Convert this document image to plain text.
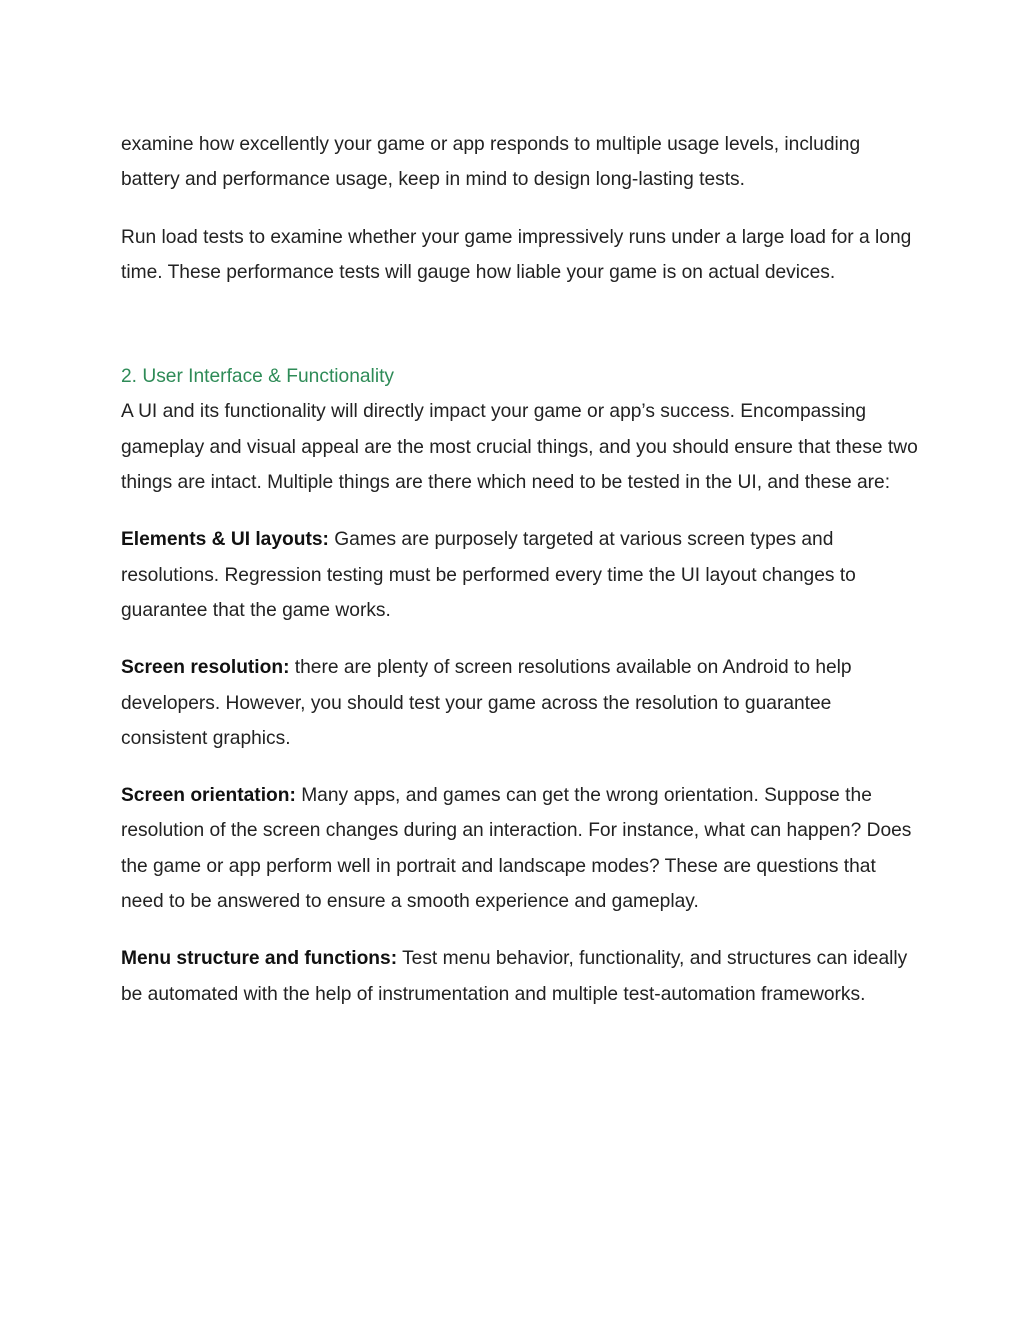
examine how excellently your game or app responds to multiple usage levels, including battery and performance usage, keep in mind to design long-lasting tests.

Run load tests to examine whether your game impressively runs under a large load for a long time. These performance tests will gauge how liable your game is on actual devices.

2. User Interface & Functionality

A UI and its functionality will directly impact your game or app’s success. Encompassing gameplay and visual appeal are the most crucial things, and you should ensure that these two things are intact. Multiple things are there which need to be tested in the UI, and these are:

Elements & UI layouts: Games are purposely targeted at various screen types and resolutions. Regression testing must be performed every time the UI layout changes to guarantee that the game works.

Screen resolution: there are plenty of screen resolutions available on Android to help developers. However, you should test your game across the resolution to guarantee consistent graphics.

Screen orientation: Many apps, and games can get the wrong orientation. Suppose the resolution of the screen changes during an interaction. For instance, what can happen? Does the game or app perform well in portrait and landscape modes? These are questions that need to be answered to ensure a smooth experience and gameplay.

Menu structure and functions: Test menu behavior, functionality, and structures can ideally be automated with the help of instrumentation and multiple test-automation frameworks.
